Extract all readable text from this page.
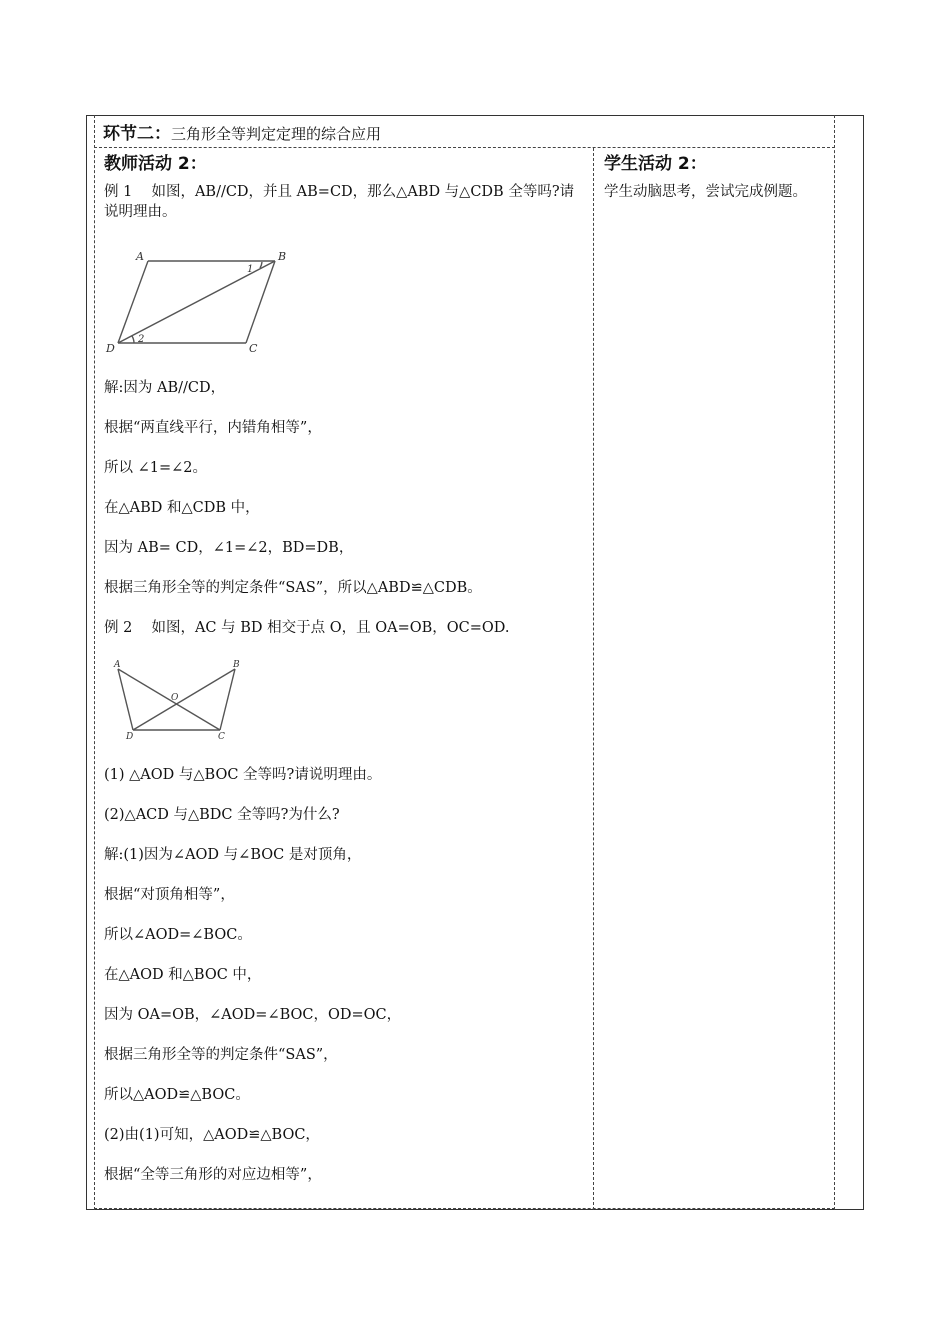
环节二：三角形全等判定定理的综合应用
教师活动 2：
例 1　 如图，AB//CD，并且 AB=CD，那么△ABD 与△CDB 全等吗?请说明理由。
A	B
C
D
1
2
解:因为 AB//CD，
根据“两直线平行，内错角相等”，
所以 ∠1=∠2。
在△ABD 和△CDB 中，
因为 AB= CD，∠1=∠2，BD=DB，
根据三角形全等的判定条件“SAS”，所以△ABD≌△CDB。
例 2　 如图，AC 与 BD 相交于点 O，且 OA=OB，OC=OD.
A	B
O
D	C
(1) △AOD 与△BOC 全等吗?请说明理由。
(2)△ACD 与△BDC 全等吗?为什么?
解:(1)因为∠AOD 与∠BOC 是对顶角，
根据“对顶角相等”，
所以∠AOD=∠BOC。
在△AOD 和△BOC 中，
因为 OA=OB，∠AOD=∠BOC，OD=OC，
根据三角形全等的判定条件“SAS”，
所以△AOD≌△BOC。
(2)由(1)可知，△AOD≌△BOC，
根据“全等三角形的对应边相等”，
学生活动 2：
学生动脑思考，尝试完成例题。
